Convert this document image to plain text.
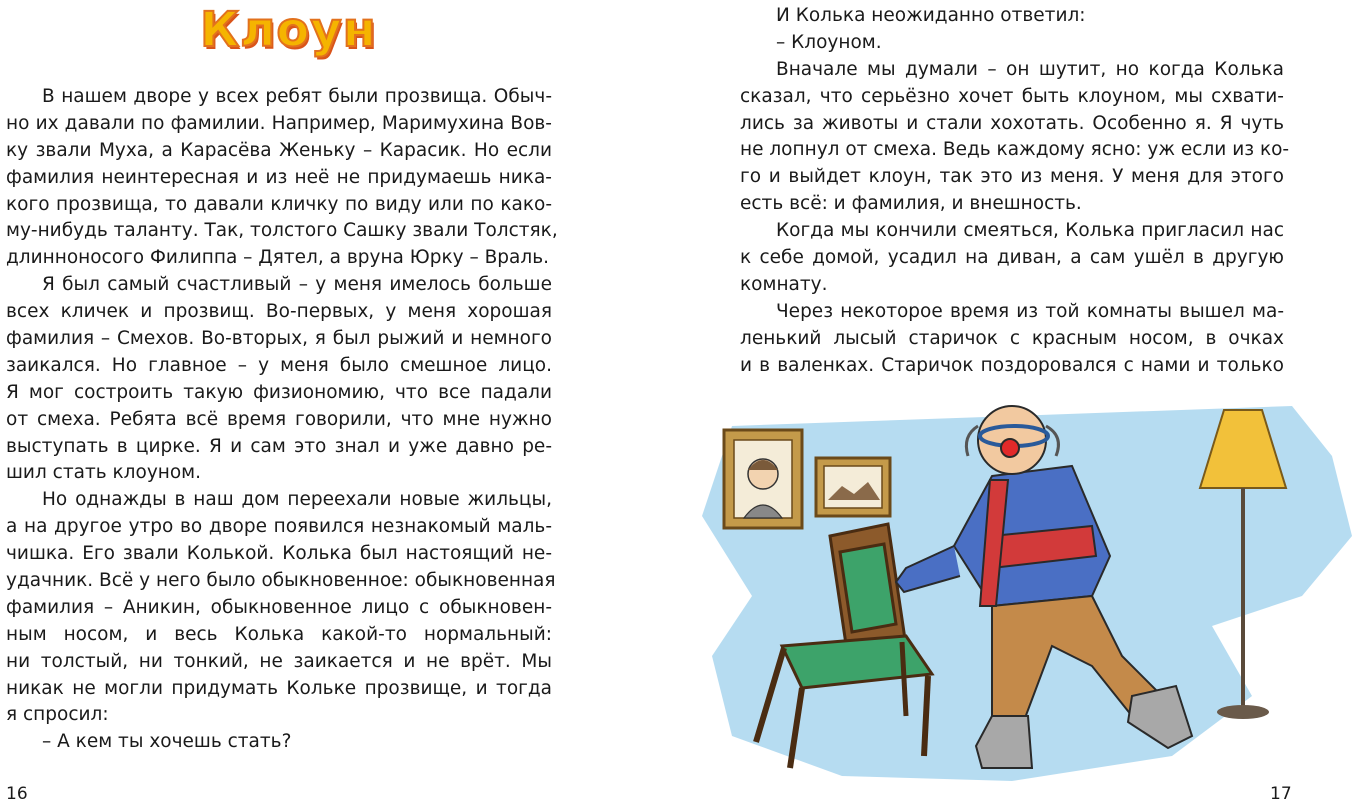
Клоун
В нашем дворе у всех ребят были прозвища. Обыч-
но их давали по фамилии. Например, Маримухина Вов-
ку звали Муха, а Карасёва Женьку – Карасик. Но если
фамилия неинтересная и из неё не придумаешь ника-
кого прозвища, то давали кличку по виду или по како-
му-нибудь таланту. Так, толстого Сашку звали Толстяк,
длинноносого Филиппа – Дятел, а вруна Юрку – Враль.
Я был самый счастливый – у меня имелось больше
всех кличек и прозвищ. Во-первых, у меня хорошая
фамилия – Смехов. Во-вторых, я был рыжий и немного
заикался. Но главное – у меня было смешное лицо.
Я мог состроить такую физиономию, что все падали
от смеха. Ребята всё время говорили, что мне нужно
выступать в цирке. Я и сам это знал и уже давно ре-
шил стать клоуном.
Но однажды в наш дом переехали новые жильцы,
а на другое утро во дворе появился незнакомый маль-
чишка. Его звали Колькой. Колька был настоящий не-
удачник. Всё у него было обыкновенное: обыкновенная
фамилия – Аникин, обыкновенное лицо с обыкновен-
ным носом, и весь Колька какой-то нормальный:
ни толстый, ни тонкий, не заикается и не врёт. Мы
никак не могли придумать Кольке прозвище, и тогда
я спросил:
– А кем ты хочешь стать?
16
И Колька неожиданно ответил:
– Клоуном.
Вначале мы думали – он шутит, но когда Колька
сказал, что серьёзно хочет быть клоуном, мы схвати-
лись за животы и стали хохотать. Особенно я. Я чуть
не лопнул от смеха. Ведь каждому ясно: уж если из ко-
го и выйдет клоун, так это из меня. У меня для этого
есть всё: и фамилия, и внешность.
Когда мы кончили смеяться, Колька пригласил нас
к себе домой, усадил на диван, а сам ушёл в другую
комнату.
Через некоторое время из той комнаты вышел ма-
ленький лысый старичок с красным носом, в очках
и в валенках. Старичок поздоровался с нами и только
17
